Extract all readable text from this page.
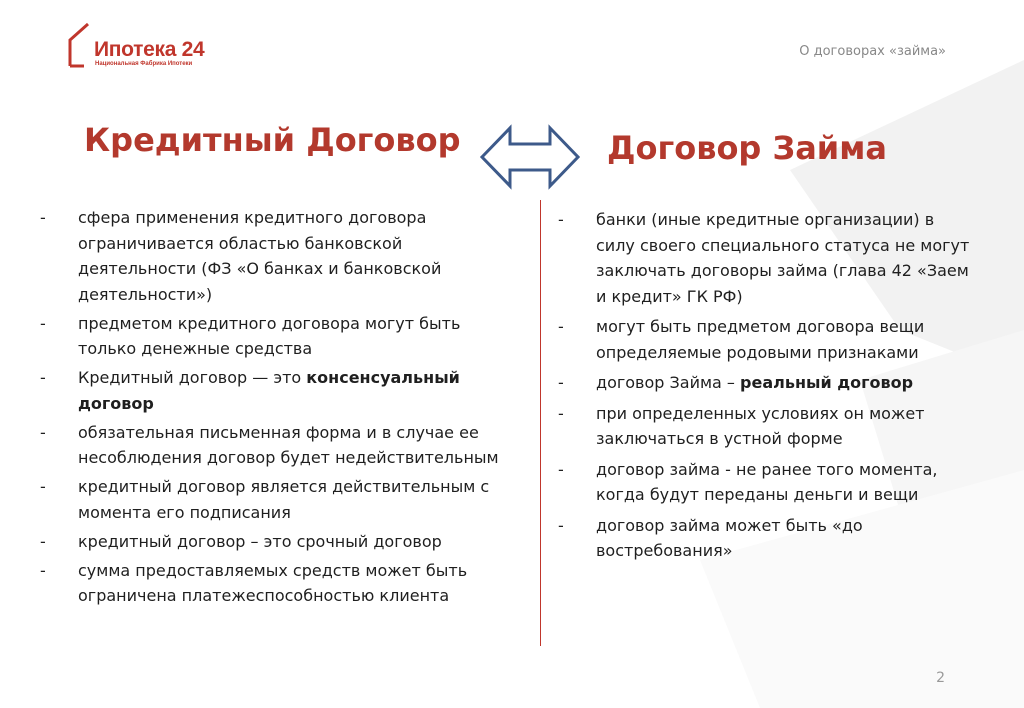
Ипотека 24
Национальная Фабрика Ипотеки
О договорах «займа»
Кредитный Договор	Договор Займа
- сфера применения кредитного договора ограничивается областью банковской деятельности (ФЗ «О банках и банковской деятельности»)
- предметом кредитного договора могут быть только денежные средства
- Кредитный договор — это консенсуальный договор
- обязательная письменная форма и в случае ее несоблюдения договор будет недействительным
- кредитный договор является действительным с момента его подписания
- кредитный договор – это срочный договор
- сумма предоставляемых средств может быть ограничена платежеспособностью клиента
- банки (иные кредитные организации) в силу своего специального статуса не могут заключать договоры займа (глава 42 «Заем и кредит» ГК РФ)
- могут быть предметом договора вещи определяемые родовыми признаками
- договор Займа – реальный договор
- при определенных условиях он может заключаться в устной форме
- договор займа - не ранее того момента, когда будут переданы деньги и вещи
- договор займа может быть «до востребования»
2
